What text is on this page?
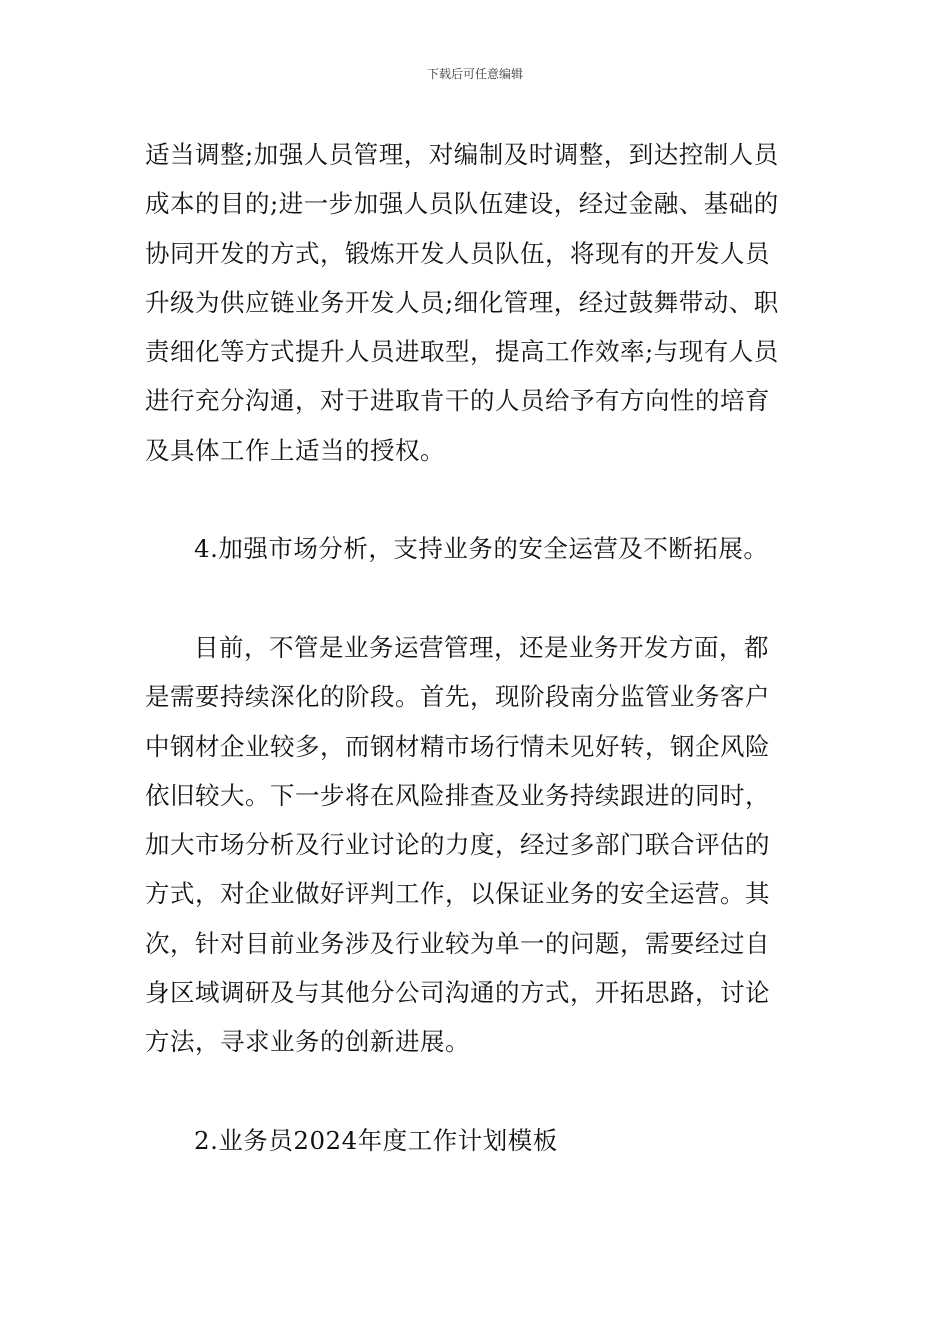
下载后可任意编辑
适当调整;加强人员管理，对编制及时调整，到达控制人员
成本的目的;进一步加强人员队伍建设，经过金融、基础的
协同开发的方式，锻炼开发人员队伍，将现有的开发人员
升级为供应链业务开发人员;细化管理，经过鼓舞带动、职
责细化等方式提升人员进取型，提高工作效率;与现有人员
进行充分沟通，对于进取肯干的人员给予有方向性的培育
及具体工作上适当的授权。
4.加强市场分析，支持业务的安全运营及不断拓展。
目前，不管是业务运营管理，还是业务开发方面，都
是需要持续深化的阶段。首先，现阶段南分监管业务客户
中钢材企业较多，而钢材精市场行情未见好转，钢企风险
依旧较大。下一步将在风险排查及业务持续跟进的同时，
加大市场分析及行业讨论的力度，经过多部门联合评估的
方式，对企业做好评判工作，以保证业务的安全运营。其
次，针对目前业务涉及行业较为单一的问题，需要经过自
身区域调研及与其他分公司沟通的方式，开拓思路，讨论
方法，寻求业务的创新进展。
2.业务员2024年度工作计划模板
